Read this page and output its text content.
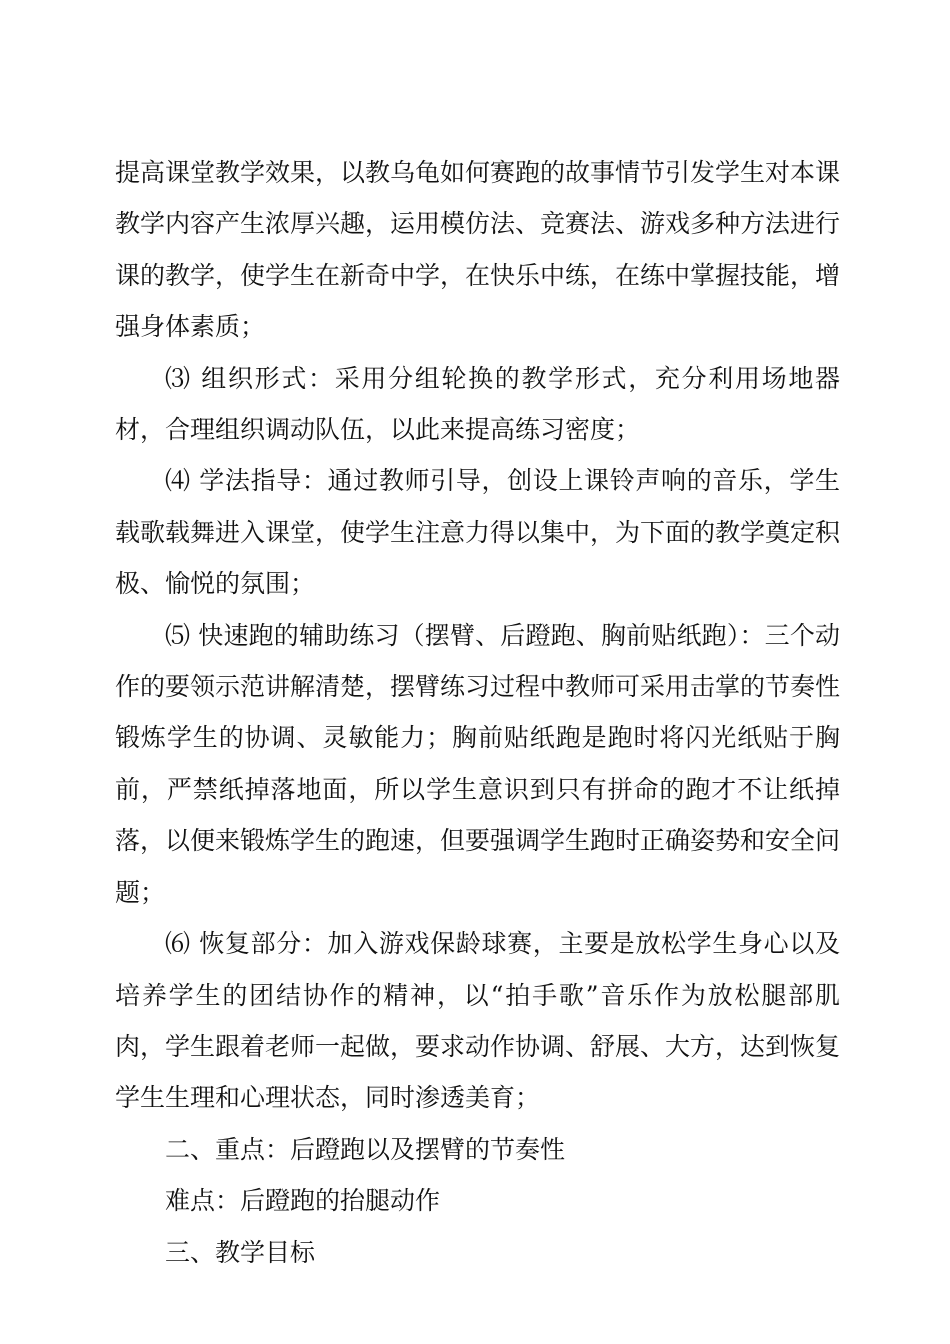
提高课堂教学效果，以教乌龟如何赛跑的故事情节引发学生对本课教学内容产生浓厚兴趣，运用模仿法、竞赛法、游戏多种方法进行课的教学，使学生在新奇中学，在快乐中练，在练中掌握技能，增强身体素质；

⑶ 组织形式：采用分组轮换的教学形式，充分利用场地器材，合理组织调动队伍，以此来提高练习密度；

⑷ 学法指导：通过教师引导，创设上课铃声响的音乐，学生载歌载舞进入课堂，使学生注意力得以集中，为下面的教学奠定积极、愉悦的氛围；

⑸ 快速跑的辅助练习（摆臂、后蹬跑、胸前贴纸跑）：三个动作的要领示范讲解清楚，摆臂练习过程中教师可采用击掌的节奏性锻炼学生的协调、灵敏能力；胸前贴纸跑是跑时将闪光纸贴于胸前，严禁纸掉落地面，所以学生意识到只有拼命的跑才不让纸掉落，以便来锻炼学生的跑速，但要强调学生跑时正确姿势和安全问题；

⑹ 恢复部分：加入游戏保龄球赛，主要是放松学生身心以及培养学生的团结协作的精神，以“拍手歌”音乐作为放松腿部肌肉，学生跟着老师一起做，要求动作协调、舒展、大方，达到恢复学生生理和心理状态，同时渗透美育；

二、重点：后蹬跑以及摆臂的节奏性

难点：后蹬跑的抬腿动作

三、教学目标
